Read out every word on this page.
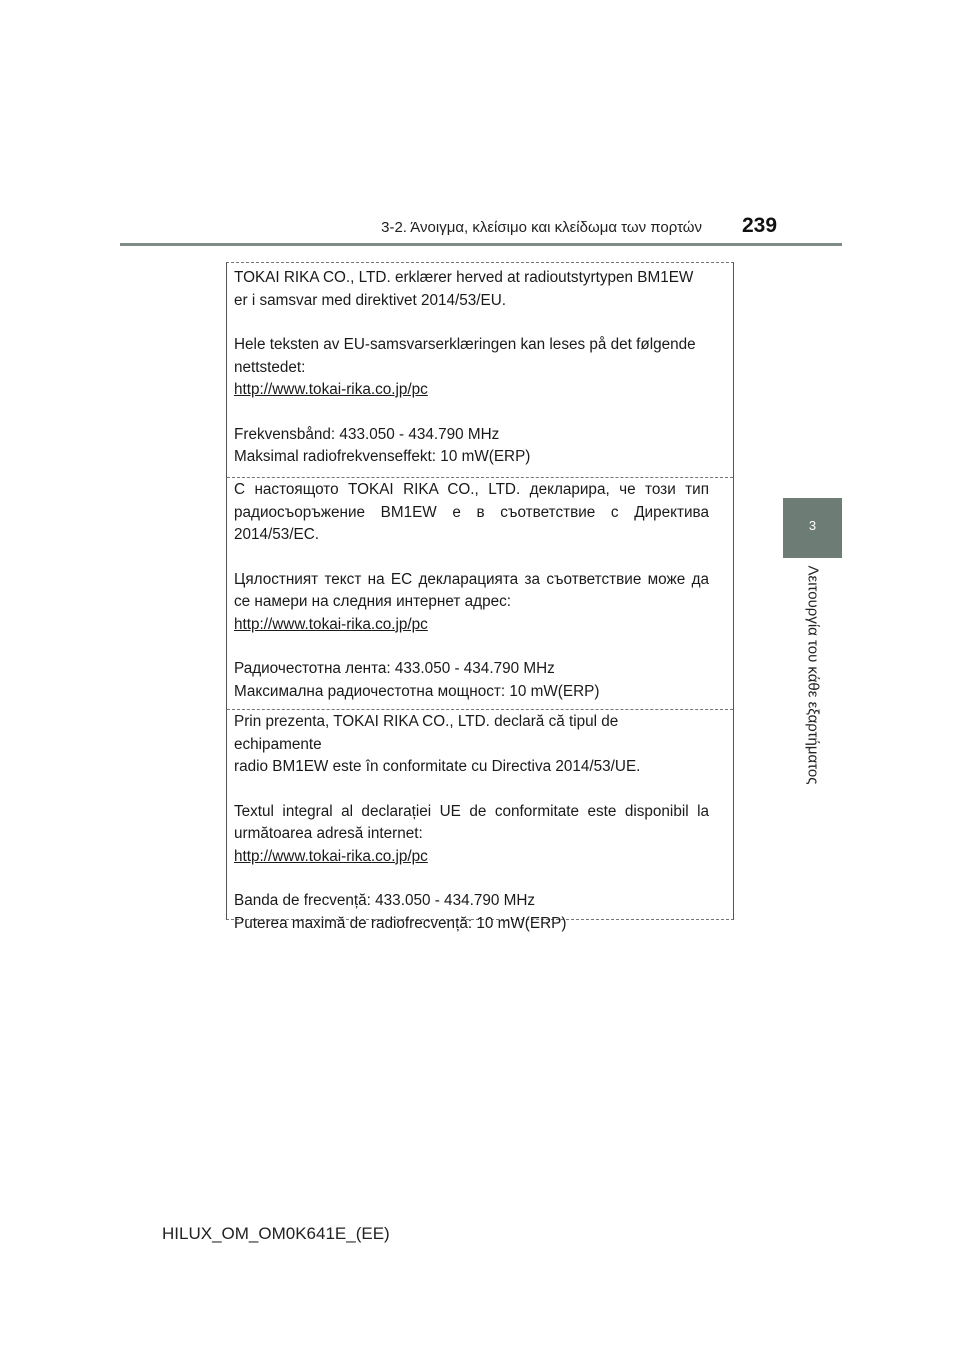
3-2. Άνοιγμα, κλείσιμο και κλείδωμα των πορτών 239
3
Λειτουργία του κάθε εξαρτήματος

TOKAI RIKA CO., LTD. erklærer herved at radioutstyrtypen BM1EW

er i samsvar med direktivet 2014/53/EU.

Hele teksten av EU-samsvarserklæringen kan leses på det følgende

nettstedet:

http://www.tokai-rika.co.jp/pc

Frekvensbånd: 433.050 - 434.790 MHz

Maksimal radiofrekvenseffekt: 10 mW(ERP)

С настоящото TOKAI RIKA CO., LTD. декларира, че този тип

радиосъоръжение BM1EW е в съответствие с Директива

2014/53/ЕС.

Цялостният текст на ЕС декларацията за съответствие може да

се намери на следния интернет адрес:

http://www.tokai-rika.co.jp/pc

Радиочестотна лента: 433.050 - 434.790 MHz

Максимална радиочестотна мощност: 10 mW(ERP)

Prin prezenta, TOKAI RIKA CO., LTD. declară că tipul de echipamente

radio BM1EW este în conformitate cu Directiva 2014/53/UE.

Textul integral al declarației UE de conformitate este disponibil la

următoarea adresă internet:

http://www.tokai-rika.co.jp/pc

Banda de frecvență: 433.050 - 434.790 MHz

Puterea maximă de radiofrecvență: 10 mW(ERP)

HILUX_OM_OM0K641E_(EE)
